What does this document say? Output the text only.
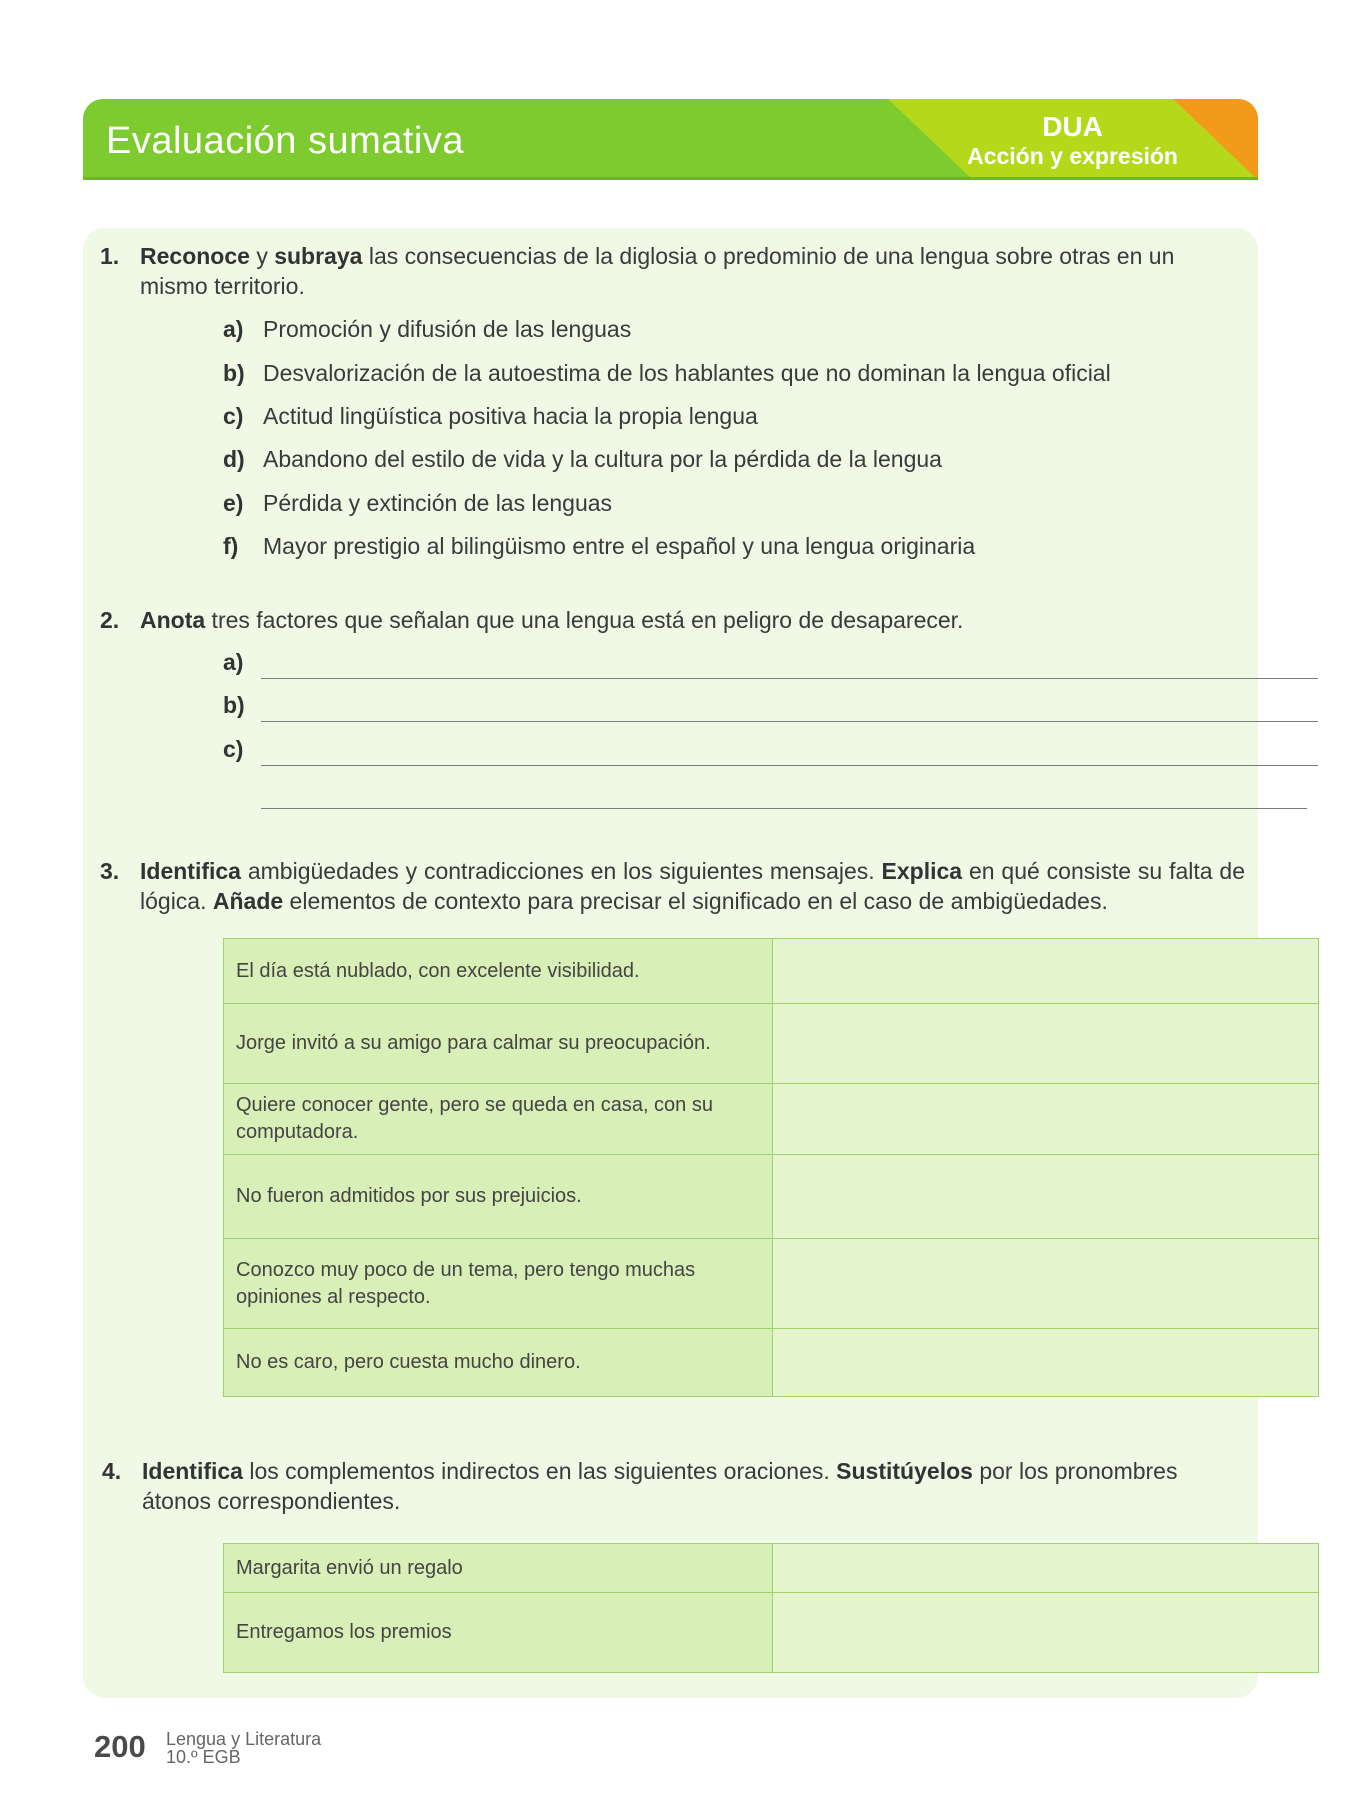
Evaluación sumativa	DUA
Acción y expresión
1. Reconoce y subraya las consecuencias de la diglosia o predominio de una lengua sobre otras en un mismo territorio.
a) Promoción y difusión de las lenguas
b) Desvalorización de la autoestima de los hablantes que no dominan la lengua oficial
c) Actitud lingüística positiva hacia la propia lengua
d) Abandono del estilo de vida y la cultura por la pérdida de la lengua
e) Pérdida y extinción de las lenguas
f) Mayor prestigio al bilingüismo entre el español y una lengua originaria
2. Anota tres factores que señalan que una lengua está en peligro de desaparecer.
a)
b)
c)
3. Identifica ambigüedades y contradicciones en los siguientes mensajes. Explica en qué consiste su falta de lógica. Añade elementos de contexto para precisar el significado en el caso de ambigüedades.
El día está nublado, con excelente visibilidad.	
Jorge invitó a su amigo para calmar su preocupación.	
Quiere conocer gente, pero se queda en casa, con su computadora.	
No fueron admitidos por sus prejuicios.	
Conozco muy poco de un tema, pero tengo muchas opiniones al respecto.	
No es caro, pero cuesta mucho dinero.	
4. Identifica los complementos indirectos en las siguientes oraciones. Sustitúyelos por los pronombres átonos correspondientes.
Margarita envió un regalo	
Entregamos los premios	
200 Lengua y Literatura
10.º EGB
